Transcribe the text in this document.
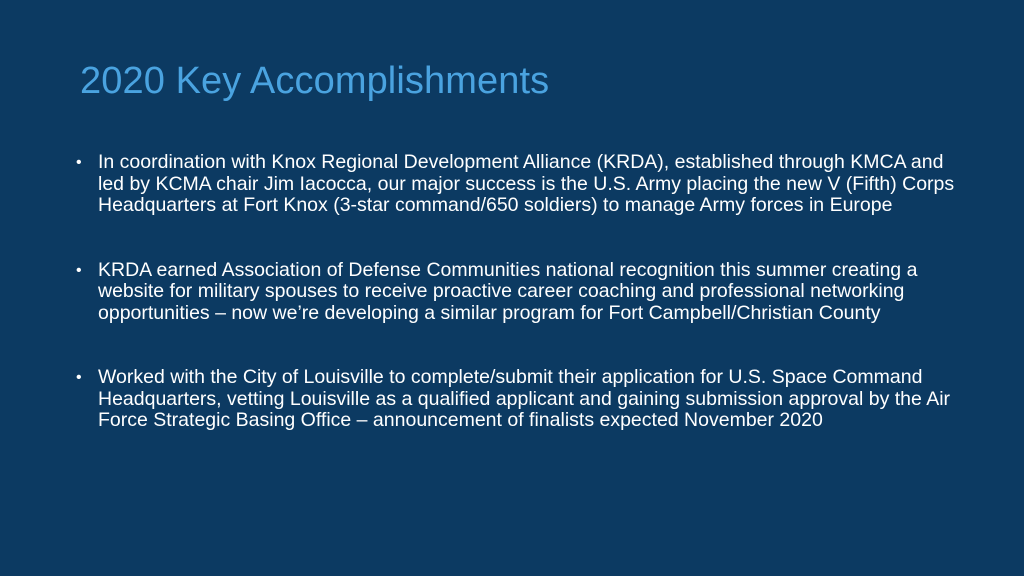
2020 Key Accomplishments
• In coordination with Knox Regional Development Alliance (KRDA), established through KMCA and led by KCMA chair Jim Iacocca, our major success is the U.S. Army placing the new V (Fifth) Corps Headquarters at Fort Knox (3-star command/650 soldiers) to manage Army forces in Europe
• KRDA earned Association of Defense Communities national recognition this summer creating a website for military spouses to receive proactive career coaching and professional networking opportunities – now we’re developing a similar program for Fort Campbell/Christian County
• Worked with the City of Louisville to complete/submit their application for U.S. Space Command Headquarters, vetting Louisville as a qualified applicant and gaining submission approval by the Air Force Strategic Basing Office – announcement of finalists expected November 2020
